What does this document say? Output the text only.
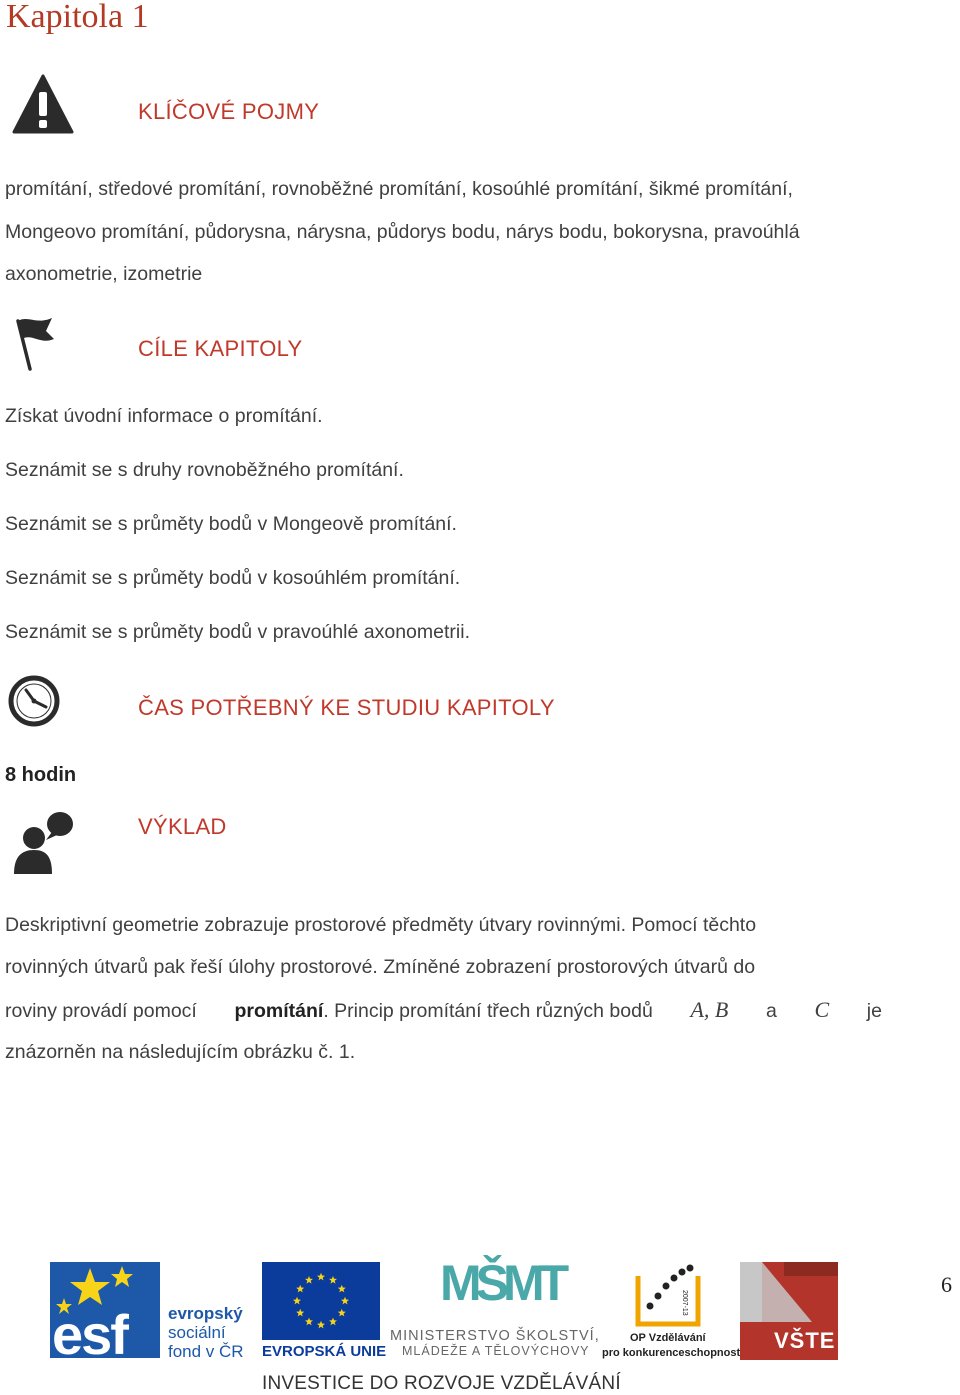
Kapitola 1
KLÍČOVÉ POJMY
promítání, středové promítání, rovnoběžné promítání, kosoúhlé promítání, šikmé promítání,
Mongeovo promítání, půdorysna, nárysna, půdorys bodu, nárys bodu, bokorysna, pravoúhlá
axonometrie, izometrie
CÍLE KAPITOLY
Získat úvodní informace o promítání.
Seznámit se s druhy rovnoběžného promítání.
Seznámit se s průměty bodů v Mongeově promítání.
Seznámit se s průměty bodů v kosoúhlém promítání.
Seznámit se s průměty bodů v pravoúhlé axonometrii.
ČAS POTŘEBNÝ KE STUDIU KAPITOLY
8 hodin
VÝKLAD
Deskriptivní geometrie zobrazuje prostorové předměty útvary rovinnými. Pomocí těchto
rovinných útvarů pak řeší úlohy prostorové. Zmíněné zobrazení prostorových útvarů do
roviny provádí pomocí promítání. Princip promítání třech různých bodů A, B a C je
znázorněn na následujícím obrázku č. 1.
6
esf evropský
sociální
fond v ČR EVROPSKÁ UNIE
MŠMT
MINISTERSTVO ŠKOLSTVÍ,
MLÁDEŽE A TĚLOVÝCHOVY
2007-13
OP Vzdělávání
pro konkurenceschopnost VŠTE
INVESTICE DO ROZVOJE VZDĚLÁVÁNÍ
